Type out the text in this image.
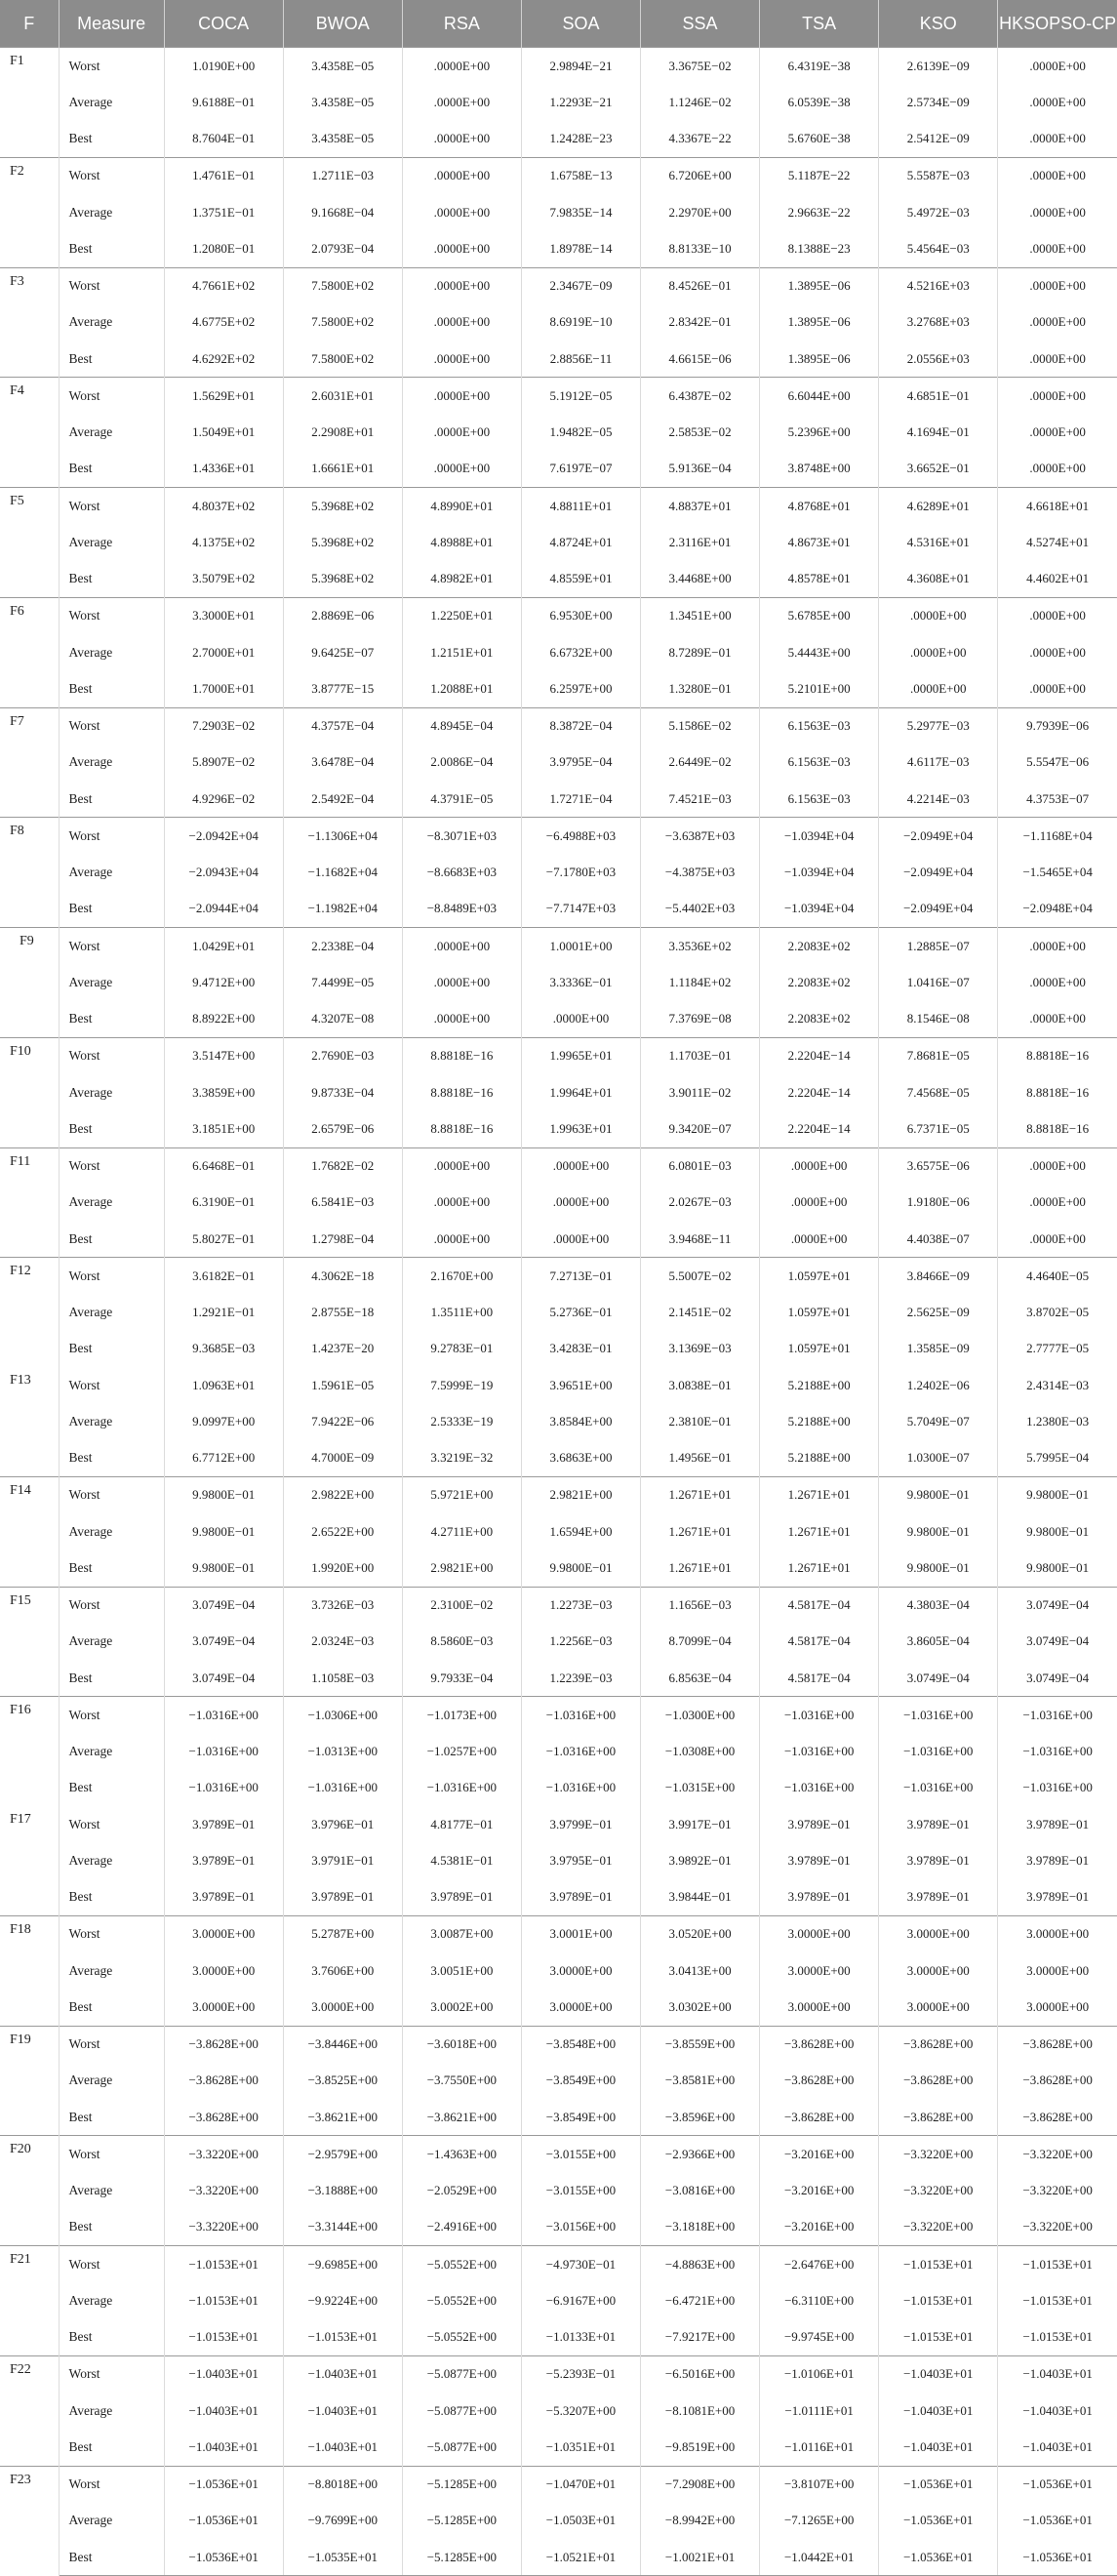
F	Measure	COCA	BWOA	RSA	SOA	SSA	TSA	KSO	HKSOPSO-CP
F1	Worst	1.0190E+00	3.4358E−05	.0000E+00	2.9894E−21	3.3675E−02	6.4319E−38	2.6139E−09	.0000E+00
	Average	9.6188E−01	3.4358E−05	.0000E+00	1.2293E−21	1.1246E−02	6.0539E−38	2.5734E−09	.0000E+00
	Best	8.7604E−01	3.4358E−05	.0000E+00	1.2428E−23	4.3367E−22	5.6760E−38	2.5412E−09	.0000E+00
F2	Worst	1.4761E−01	1.2711E−03	.0000E+00	1.6758E−13	6.7206E+00	5.1187E−22	5.5587E−03	.0000E+00
	Average	1.3751E−01	9.1668E−04	.0000E+00	7.9835E−14	2.2970E+00	2.9663E−22	5.4972E−03	.0000E+00
	Best	1.2080E−01	2.0793E−04	.0000E+00	1.8978E−14	8.8133E−10	8.1388E−23	5.4564E−03	.0000E+00
F3	Worst	4.7661E+02	7.5800E+02	.0000E+00	2.3467E−09	8.4526E−01	1.3895E−06	4.5216E+03	.0000E+00
	Average	4.6775E+02	7.5800E+02	.0000E+00	8.6919E−10	2.8342E−01	1.3895E−06	3.2768E+03	.0000E+00
	Best	4.6292E+02	7.5800E+02	.0000E+00	2.8856E−11	4.6615E−06	1.3895E−06	2.0556E+03	.0000E+00
F4	Worst	1.5629E+01	2.6031E+01	.0000E+00	5.1912E−05	6.4387E−02	6.6044E+00	4.6851E−01	.0000E+00
	Average	1.5049E+01	2.2908E+01	.0000E+00	1.9482E−05	2.5853E−02	5.2396E+00	4.1694E−01	.0000E+00
	Best	1.4336E+01	1.6661E+01	.0000E+00	7.6197E−07	5.9136E−04	3.8748E+00	3.6652E−01	.0000E+00
F5	Worst	4.8037E+02	5.3968E+02	4.8990E+01	4.8811E+01	4.8837E+01	4.8768E+01	4.6289E+01	4.6618E+01
	Average	4.1375E+02	5.3968E+02	4.8988E+01	4.8724E+01	2.3116E+01	4.8673E+01	4.5316E+01	4.5274E+01
	Best	3.5079E+02	5.3968E+02	4.8982E+01	4.8559E+01	3.4468E+00	4.8578E+01	4.3608E+01	4.4602E+01
F6	Worst	3.3000E+01	2.8869E−06	1.2250E+01	6.9530E+00	1.3451E+00	5.6785E+00	.0000E+00	.0000E+00
	Average	2.7000E+01	9.6425E−07	1.2151E+01	6.6732E+00	8.7289E−01	5.4443E+00	.0000E+00	.0000E+00
	Best	1.7000E+01	3.8777E−15	1.2088E+01	6.2597E+00	1.3280E−01	5.2101E+00	.0000E+00	.0000E+00
F7	Worst	7.2903E−02	4.3757E−04	4.8945E−04	8.3872E−04	5.1586E−02	6.1563E−03	5.2977E−03	9.7939E−06
	Average	5.8907E−02	3.6478E−04	2.0086E−04	3.9795E−04	2.6449E−02	6.1563E−03	4.6117E−03	5.5547E−06
	Best	4.9296E−02	2.5492E−04	4.3791E−05	1.7271E−04	7.4521E−03	6.1563E−03	4.2214E−03	4.3753E−07
F8	Worst	−2.0942E+04	−1.1306E+04	−8.3071E+03	−6.4988E+03	−3.6387E+03	−1.0394E+04	−2.0949E+04	−1.1168E+04
	Average	−2.0943E+04	−1.1682E+04	−8.6683E+03	−7.1780E+03	−4.3875E+03	−1.0394E+04	−2.0949E+04	−1.5465E+04
	Best	−2.0944E+04	−1.1982E+04	−8.8489E+03	−7.7147E+03	−5.4402E+03	−1.0394E+04	−2.0949E+04	−2.0948E+04
F9	Worst	1.0429E+01	2.2338E−04	.0000E+00	1.0001E+00	3.3536E+02	2.2083E+02	1.2885E−07	.0000E+00
	Average	9.4712E+00	7.4499E−05	.0000E+00	3.3336E−01	1.1184E+02	2.2083E+02	1.0416E−07	.0000E+00
	Best	8.8922E+00	4.3207E−08	.0000E+00	.0000E+00	7.3769E−08	2.2083E+02	8.1546E−08	.0000E+00
F10	Worst	3.5147E+00	2.7690E−03	8.8818E−16	1.9965E+01	1.1703E−01	2.2204E−14	7.8681E−05	8.8818E−16
	Average	3.3859E+00	9.8733E−04	8.8818E−16	1.9964E+01	3.9011E−02	2.2204E−14	7.4568E−05	8.8818E−16
	Best	3.1851E+00	2.6579E−06	8.8818E−16	1.9963E+01	9.3420E−07	2.2204E−14	6.7371E−05	8.8818E−16
F11	Worst	6.6468E−01	1.7682E−02	.0000E+00	.0000E+00	6.0801E−03	.0000E+00	3.6575E−06	.0000E+00
	Average	6.3190E−01	6.5841E−03	.0000E+00	.0000E+00	2.0267E−03	.0000E+00	1.9180E−06	.0000E+00
	Best	5.8027E−01	1.2798E−04	.0000E+00	.0000E+00	3.9468E−11	.0000E+00	4.4038E−07	.0000E+00
F12	Worst	3.6182E−01	4.3062E−18	2.1670E+00	7.2713E−01	5.5007E−02	1.0597E+01	3.8466E−09	4.4640E−05
	Average	1.2921E−01	2.8755E−18	1.3511E+00	5.2736E−01	2.1451E−02	1.0597E+01	2.5625E−09	3.8702E−05
	Best	9.3685E−03	1.4237E−20	9.2783E−01	3.4283E−01	3.1369E−03	1.0597E+01	1.3585E−09	2.7777E−05
F13	Worst	1.0963E+01	1.5961E−05	7.5999E−19	3.9651E+00	3.0838E−01	5.2188E+00	1.2402E−06	2.4314E−03
	Average	9.0997E+00	7.9422E−06	2.5333E−19	3.8584E+00	2.3810E−01	5.2188E+00	5.7049E−07	1.2380E−03
	Best	6.7712E+00	4.7000E−09	3.3219E−32	3.6863E+00	1.4956E−01	5.2188E+00	1.0300E−07	5.7995E−04
F14	Worst	9.9800E−01	2.9822E+00	5.9721E+00	2.9821E+00	1.2671E+01	1.2671E+01	9.9800E−01	9.9800E−01
	Average	9.9800E−01	2.6522E+00	4.2711E+00	1.6594E+00	1.2671E+01	1.2671E+01	9.9800E−01	9.9800E−01
	Best	9.9800E−01	1.9920E+00	2.9821E+00	9.9800E−01	1.2671E+01	1.2671E+01	9.9800E−01	9.9800E−01
F15	Worst	3.0749E−04	3.7326E−03	2.3100E−02	1.2273E−03	1.1656E−03	4.5817E−04	4.3803E−04	3.0749E−04
	Average	3.0749E−04	2.0324E−03	8.5860E−03	1.2256E−03	8.7099E−04	4.5817E−04	3.8605E−04	3.0749E−04
	Best	3.0749E−04	1.1058E−03	9.7933E−04	1.2239E−03	6.8563E−04	4.5817E−04	3.0749E−04	3.0749E−04
F16	Worst	−1.0316E+00	−1.0306E+00	−1.0173E+00	−1.0316E+00	−1.0300E+00	−1.0316E+00	−1.0316E+00	−1.0316E+00
	Average	−1.0316E+00	−1.0313E+00	−1.0257E+00	−1.0316E+00	−1.0308E+00	−1.0316E+00	−1.0316E+00	−1.0316E+00
	Best	−1.0316E+00	−1.0316E+00	−1.0316E+00	−1.0316E+00	−1.0315E+00	−1.0316E+00	−1.0316E+00	−1.0316E+00
F17	Worst	3.9789E−01	3.9796E−01	4.8177E−01	3.9799E−01	3.9917E−01	3.9789E−01	3.9789E−01	3.9789E−01
	Average	3.9789E−01	3.9791E−01	4.5381E−01	3.9795E−01	3.9892E−01	3.9789E−01	3.9789E−01	3.9789E−01
	Best	3.9789E−01	3.9789E−01	3.9789E−01	3.9789E−01	3.9844E−01	3.9789E−01	3.9789E−01	3.9789E−01
F18	Worst	3.0000E+00	5.2787E+00	3.0087E+00	3.0001E+00	3.0520E+00	3.0000E+00	3.0000E+00	3.0000E+00
	Average	3.0000E+00	3.7606E+00	3.0051E+00	3.0000E+00	3.0413E+00	3.0000E+00	3.0000E+00	3.0000E+00
	Best	3.0000E+00	3.0000E+00	3.0002E+00	3.0000E+00	3.0302E+00	3.0000E+00	3.0000E+00	3.0000E+00
F19	Worst	−3.8628E+00	−3.8446E+00	−3.6018E+00	−3.8548E+00	−3.8559E+00	−3.8628E+00	−3.8628E+00	−3.8628E+00
	Average	−3.8628E+00	−3.8525E+00	−3.7550E+00	−3.8549E+00	−3.8581E+00	−3.8628E+00	−3.8628E+00	−3.8628E+00
	Best	−3.8628E+00	−3.8621E+00	−3.8621E+00	−3.8549E+00	−3.8596E+00	−3.8628E+00	−3.8628E+00	−3.8628E+00
F20	Worst	−3.3220E+00	−2.9579E+00	−1.4363E+00	−3.0155E+00	−2.9366E+00	−3.2016E+00	−3.3220E+00	−3.3220E+00
	Average	−3.3220E+00	−3.1888E+00	−2.0529E+00	−3.0155E+00	−3.0816E+00	−3.2016E+00	−3.3220E+00	−3.3220E+00
	Best	−3.3220E+00	−3.3144E+00	−2.4916E+00	−3.0156E+00	−3.1818E+00	−3.2016E+00	−3.3220E+00	−3.3220E+00
F21	Worst	−1.0153E+01	−9.6985E+00	−5.0552E+00	−4.9730E−01	−4.8863E+00	−2.6476E+00	−1.0153E+01	−1.0153E+01
	Average	−1.0153E+01	−9.9224E+00	−5.0552E+00	−6.9167E+00	−6.4721E+00	−6.3110E+00	−1.0153E+01	−1.0153E+01
	Best	−1.0153E+01	−1.0153E+01	−5.0552E+00	−1.0133E+01	−7.9217E+00	−9.9745E+00	−1.0153E+01	−1.0153E+01
F22	Worst	−1.0403E+01	−1.0403E+01	−5.0877E+00	−5.2393E−01	−6.5016E+00	−1.0106E+01	−1.0403E+01	−1.0403E+01
	Average	−1.0403E+01	−1.0403E+01	−5.0877E+00	−5.3207E+00	−8.1081E+00	−1.0111E+01	−1.0403E+01	−1.0403E+01
	Best	−1.0403E+01	−1.0403E+01	−5.0877E+00	−1.0351E+01	−9.8519E+00	−1.0116E+01	−1.0403E+01	−1.0403E+01
F23	Worst	−1.0536E+01	−8.8018E+00	−5.1285E+00	−1.0470E+01	−7.2908E+00	−3.8107E+00	−1.0536E+01	−1.0536E+01
	Average	−1.0536E+01	−9.7699E+00	−5.1285E+00	−1.0503E+01	−8.9942E+00	−7.1265E+00	−1.0536E+01	−1.0536E+01
	Best	−1.0536E+01	−1.0535E+01	−5.1285E+00	−1.0521E+01	−1.0021E+01	−1.0442E+01	−1.0536E+01	−1.0536E+01
